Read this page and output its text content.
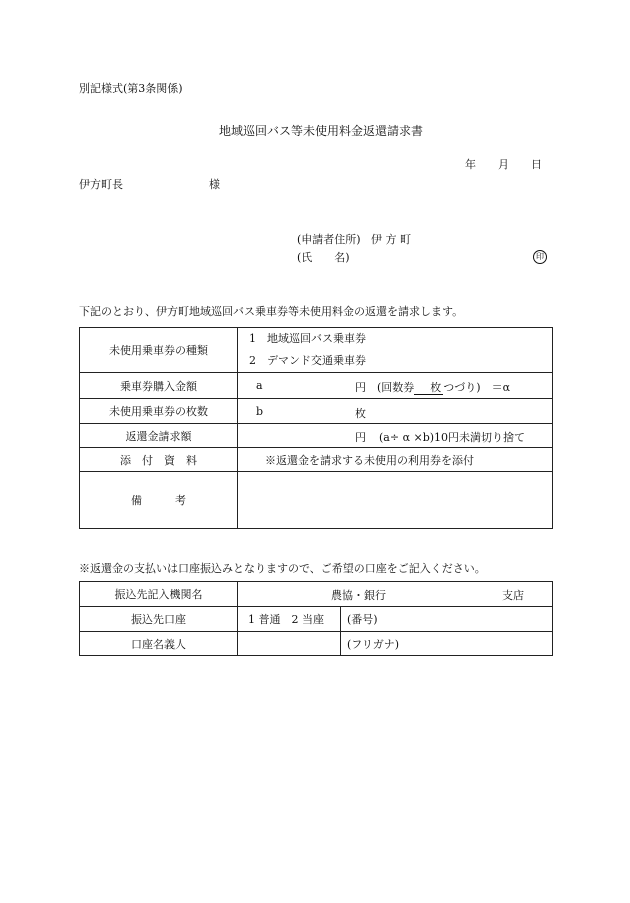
別記様式(第3条関係)
地域巡回バス等未使用料金返還請求書
年　　月　　日
伊方町長	様
(申請者住所) 伊 方 町
(氏　　名)	印
下記のとおり、伊方町地域巡回バス乗車券等未使用料金の返還を請求します。
未使用乗車券の種類	1　地域巡回バス乗車券
2　デマンド交通乗車券

乗車券購入金額	a 円 (回数券 枚 つづり)　＝α

未使用乗車券の枚数	b 枚

返還金請求額	円 (a÷ α ×b)10円未満切り捨て

添　付　資　料	※返還金を請求する未使用の利用券を添付
備　　　考	
※返還金の支払いは口座振込みとなりますので、ご希望の口座をご記入ください。
振込先記入機関名	農協・銀行 支店	

振込先口座	1 普通　2 当座	(番号)
口座名義人		(フリガナ)
